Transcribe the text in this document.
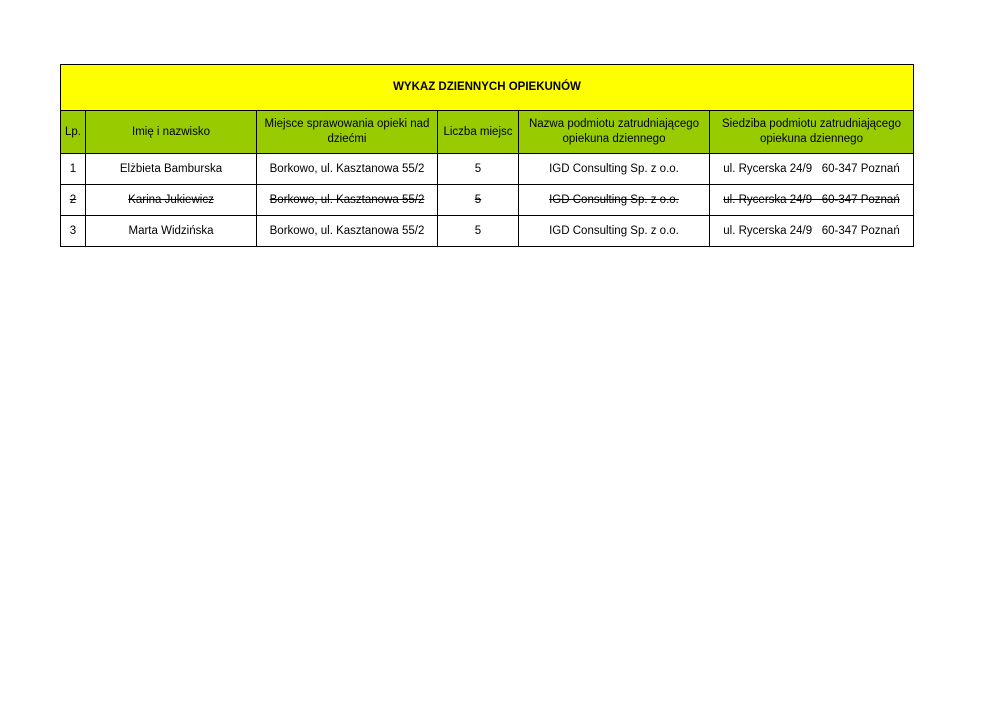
WYKAZ DZIENNYCH OPIEKUNÓW					
Lp.	Imię i nazwisko	Miejsce sprawowania opieki nad dziećmi	Liczba miejsc	Nazwa podmiotu zatrudniającego opiekuna dziennego	Siedziba podmiotu zatrudniającego opiekuna dziennego
1	Elżbieta Bamburska	Borkowo, ul. Kasztanowa 55/2	5	IGD Consulting Sp. z o.o.	ul. Rycerska 24/9   60-347 Poznań
2	Karina Jukiewicz	Borkowo, ul. Kasztanowa 55/2	5	IGD Consulting Sp. z o.o.	ul. Rycerska 24/9   60-347 Poznań
3	Marta Widzińska	Borkowo, ul. Kasztanowa 55/2	5	IGD Consulting Sp. z o.o.	ul. Rycerska 24/9   60-347 Poznań
